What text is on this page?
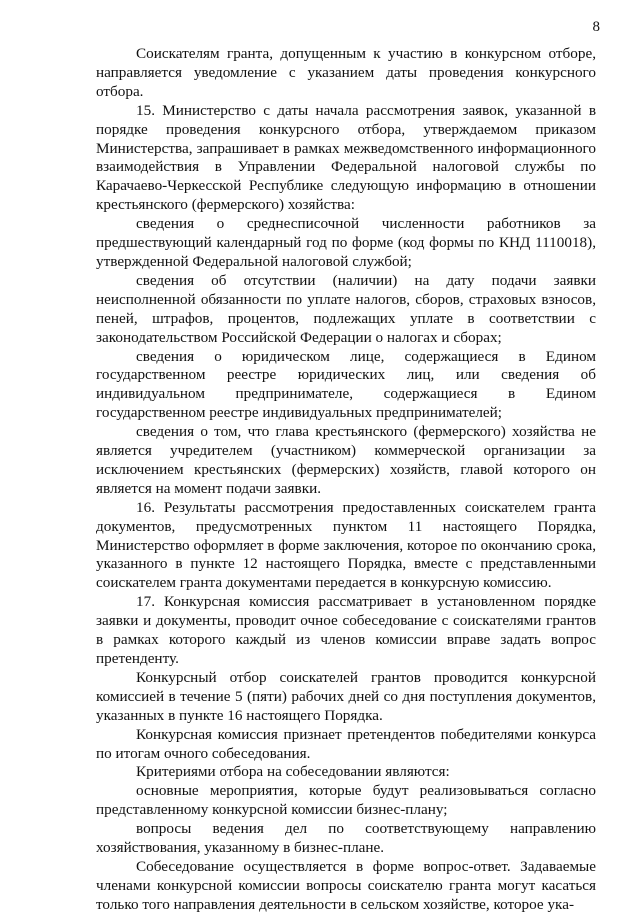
8

Соискателям гранта, допущенным к участию в конкурсном отборе, направляется уведомление с указанием даты проведения конкурсного отбора.

15. Министерство с даты начала рассмотрения заявок, указанной в порядке проведения конкурсного отбора, утверждаемом приказом Министерства, запрашивает в рамках межведомственного информационного взаимодействия в Управлении Федеральной налоговой службы по Карачаево-Черкесской Республике следующую информацию в отношении крестьянского (фермерского) хозяйства:

сведения о среднесписочной численности работников за предшествующий календарный год по форме (код формы по КНД 1110018), утвержденной Федеральной налоговой службой;

сведения об отсутствии (наличии) на дату подачи заявки неисполненной обязанности по уплате налогов, сборов, страховых взносов, пеней, штрафов, процентов, подлежащих уплате в соответствии с законодательством Российской Федерации о налогах и сборах;

сведения о юридическом лице, содержащиеся в Едином государственном реестре юридических лиц, или сведения об индивидуальном предпринимателе, содержащиеся в Едином государственном реестре индивидуальных предпринимателей;

сведения о том, что глава крестьянского (фермерского) хозяйства не является учредителем (участником) коммерческой организации за исключением крестьянских (фермерских) хозяйств, главой которого он является на момент подачи заявки.

16. Результаты рассмотрения предоставленных соискателем гранта документов, предусмотренных пунктом 11 настоящего Порядка, Министерство оформляет в форме заключения, которое по окончанию срока, указанного в пункте 12 настоящего Порядка, вместе с представленными соискателем гранта документами передается в конкурсную комиссию.

17. Конкурсная комиссия рассматривает в установленном порядке заявки и документы, проводит очное собеседование с соискателями грантов в рамках которого каждый из членов комиссии вправе задать вопрос претенденту.

Конкурсный отбор соискателей грантов проводится конкурсной комиссией в течение 5 (пяти) рабочих дней со дня поступления документов, указанных в пункте 16 настоящего Порядка.

Конкурсная комиссия признает претендентов победителями конкурса по итогам очного собеседования.

Критериями отбора на собеседовании являются:

основные мероприятия, которые будут реализовываться согласно представленному конкурсной комиссии бизнес-плану;

вопросы ведения дел по соответствующему направлению хозяйствования, указанному в бизнес-плане.

Собеседование осуществляется в форме вопрос-ответ. Задаваемые членами конкурсной комиссии вопросы соискателю гранта могут касаться только того направления деятельности в сельском хозяйстве, которое ука-
